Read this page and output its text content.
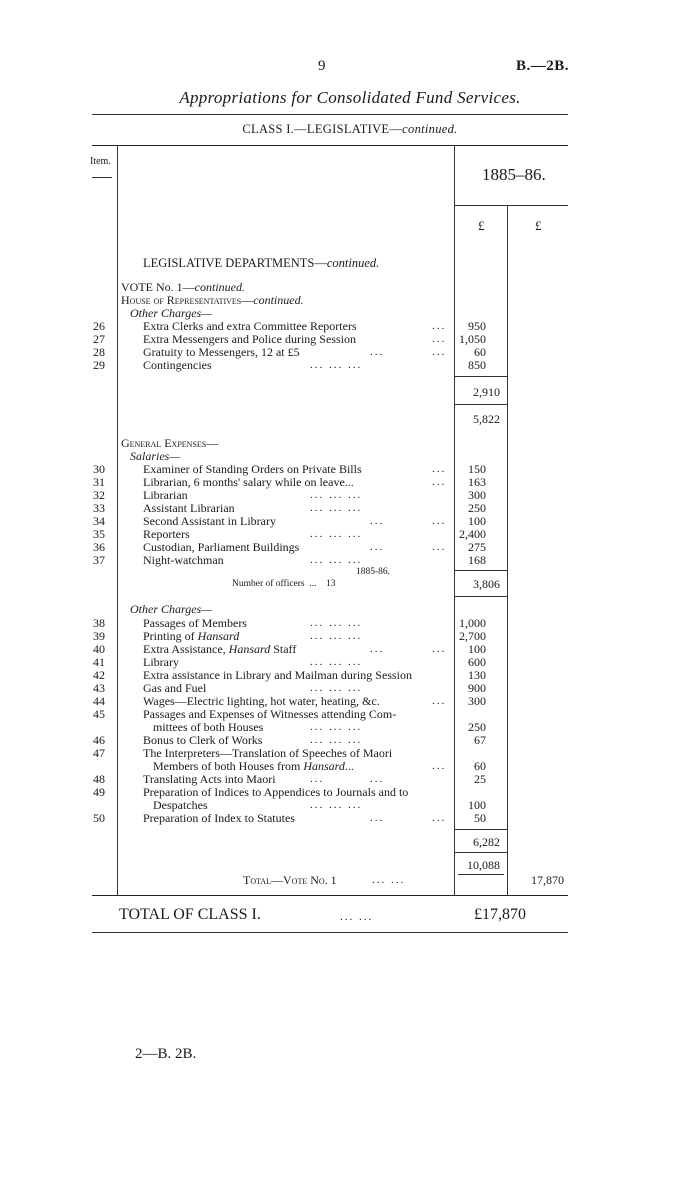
9	B.—2B.
Appropriations for Consolidated Fund Services.
CLASS I.—LEGISLATIVE—continued.
Item.
1885–86.
£	£
LEGISLATIVE DEPARTMENTS—continued.
VOTE No. 1—continued.
House of Representatives—continued.
Other Charges—
26	Extra Clerks and extra Committee Reporters	...	950
27	Extra Messengers and Police during Session	...	1,050
28	Gratuity to Messengers, 12 at £5	...	...	60
29	Contingencies	... ... ...	850
2,910
5,822
General Expenses—
Salaries—
30	Examiner of Standing Orders on Private Bills	...	150
31	Librarian, 6 months' salary while on leave...	...	163
32	Librarian	... ... ...	300
33	Assistant Librarian	... ... ...	250
34	Second Assistant in Library	...	...	100
35	Reporters	... ... ...	2,400
36	Custodian, Parliament Buildings	...	...	275
37	Night-watchman	... ... ...	168
1885-86.
Number of officers ... 13	3,806
Other Charges—
38	Passages of Members	... ... ...	1,000
39	Printing of Hansard	... ... ...	2,700
40	Extra Assistance, Hansard Staff	...	...	100
41	Library	... ... ...	600
42	Extra assistance in Library and Mailman during Session	130
43	Gas and Fuel	... ... ...	900
44	Wages—Electric lighting, hot water, heating, &c.	...	300
45	Passages and Expenses of Witnesses attending Com-
mittees of both Houses	... ... ...	250
46	Bonus to Clerk of Works	... ... ...	67
47	The Interpreters—Translation of Speeches of Maori
Members of both Houses from Hansard...	...	60
48	Translating Acts into Maori	...	...	25
49	Preparation of Indices to Appendices to Journals and to
Despatches	... ... ...	100
50	Preparation of Index to Statutes	...	...	50
6,282
10,088
Total—Vote No. 1	... ...	17,870
TOTAL OF CLASS I.	... ...	£17,870
2—B. 2B.
